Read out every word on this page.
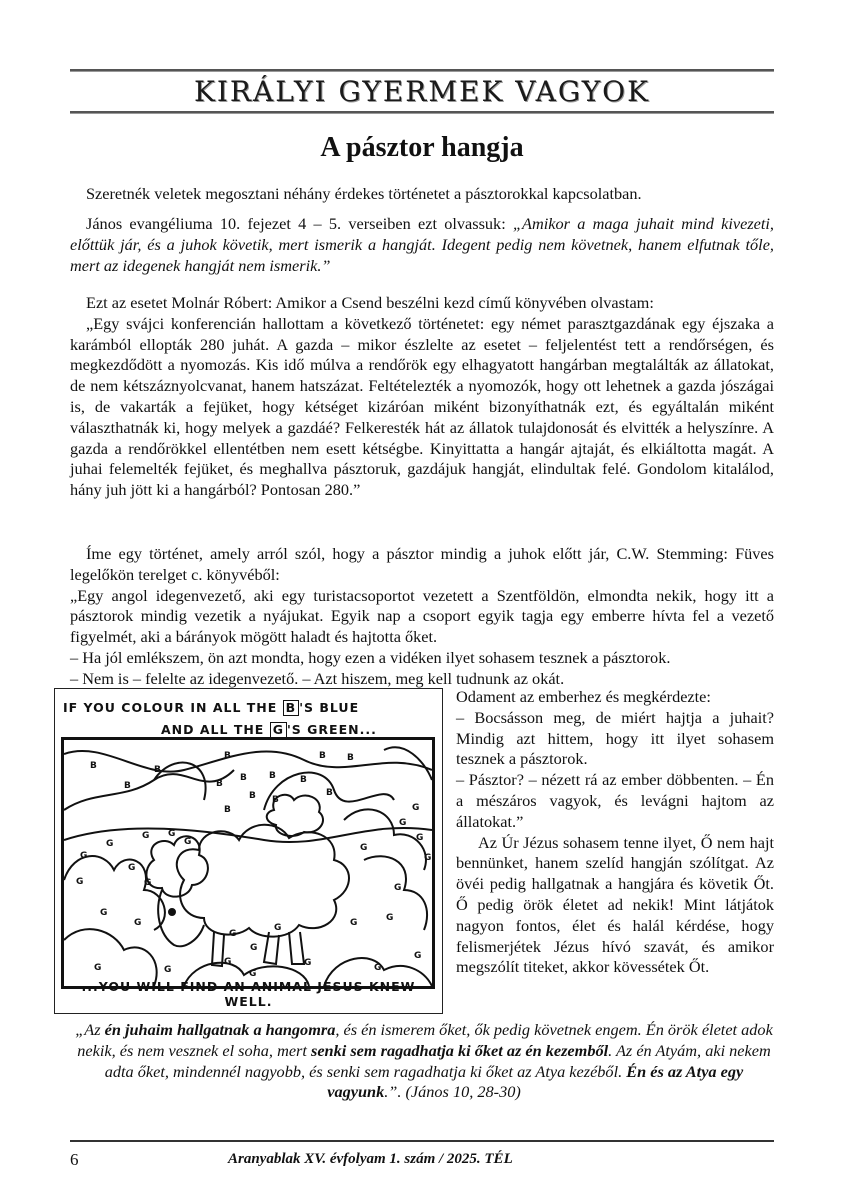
KIRÁLYI GYERMEK VAGYOK
A pásztor hangja

Szeretnék veletek megosztani néhány érdekes történetet a pásztorokkal kapcsolatban.

János evangéliuma 10. fejezet 4 – 5. verseiben ezt olvassuk: „Amikor a maga juhait mind kivezeti, előttük jár, és a juhok követik, mert ismerik a hangját. Idegent pedig nem követnek, hanem elfutnak tőle, mert az idegenek hangját nem ismerik.”

Ezt az esetet Molnár Róbert: Amikor a Csend beszélni kezd című könyvében olvastam:

„Egy svájci konferencián hallottam a következő történetet: egy német parasztgazdának egy éjszaka a karámból ellopták 280 juhát. A gazda – mikor észlelte az esetet – feljelentést tett a rendőrségen, és megkezdődött a nyomozás. Kis idő múlva a rendőrök egy elhagyatott hangárban megtalálták az állatokat, de nem kétszáznyolcvanat, hanem hatszázat. Feltételezték a nyomozók, hogy ott lehetnek a gazda jószágai is, de vakarták a fejüket, hogy kétséget kizáróan miként bizonyíthatnák ezt, és egyáltalán miként választhatnák ki, hogy melyek a gazdáé? Felkeresték hát az állatok tulajdonosát és elvitték a helyszínre. A gazda a rendőrökkel ellentétben nem esett kétségbe. Kinyittatta a hangár ajtaját, és elkiáltotta magát. A juhai felemelték fejüket, és meghallva pásztoruk, gazdájuk hangját, elindultak felé. Gondolom kitalálod, hány juh jött ki a hangárból? Pontosan 280.”

Íme egy történet, amely arról szól, hogy a pásztor mindig a juhok előtt jár, C.W. Stemming: Füves legelőkön terelget c. könyvéből:

„Egy angol idegenvezető, aki egy turistacsoportot vezetett a Szentföldön, elmondta nekik, hogy itt a pásztorok mindig vezetik a nyájukat. Egyik nap a csoport egyik tagja egy emberre hívta fel a vezető figyelmét, aki a bárányok mögött haladt és hajtotta őket.

– Ha jól emlékszem, ön azt mondta, hogy ezen a vidéken ilyet sohasem tesznek a pásztorok.

– Nem is – felelte az idegenvezető. – Azt hiszem, meg kell tudnunk az okát.

IF YOU COLOUR IN ALL THE B 'S BLUE
AND ALL THE G 'S GREEN...
B	B
B
B
B
B
B B
B
B B
B
B
B
G
G
G
G
G	G
G
G
G	G
G
G
G
G
G
G
G
G
G
G
G
G
G
G
G
G
G
G
...YOU WILL FIND AN ANIMAL JESUS KNEW WELL.

Odament az emberhez és megkérdezte:

– Bocsásson meg, de miért hajtja a juhait? Mindig azt hittem, hogy itt ilyet sohasem tesznek a pásztorok.

– Pásztor? – nézett rá az ember döbbenten. – Én a mészáros vagyok, és levágni hajtom az állatokat.”

Az Úr Jézus sohasem tenne ilyet, Ő nem hajt bennünket, hanem szelíd hangján szólítgat. Az övéi pedig hallgatnak a hangjára és követik Őt. Ő pedig örök életet ad nekik! Mint látjátok nagyon fontos, élet és halál kérdése, hogy felismerjétek Jézus hívó szavát, és amikor megszólít titeket, akkor kövessétek Őt.

„Az én juhaim hallgatnak a hangomra, és én ismerem őket, ők pedig követnek engem. Én örök életet adok nekik, és nem vesznek el soha, mert senki sem ragadhatja ki őket az én kezemből. Az én Atyám, aki nekem adta őket, mindennél nagyobb, és senki sem ragadhatja ki őket az Atya kezéből. Én és az Atya egy vagyunk.”. (János 10, 28-30)
6	Aranyablak XV. évfolyam 1. szám / 2025. TÉL
